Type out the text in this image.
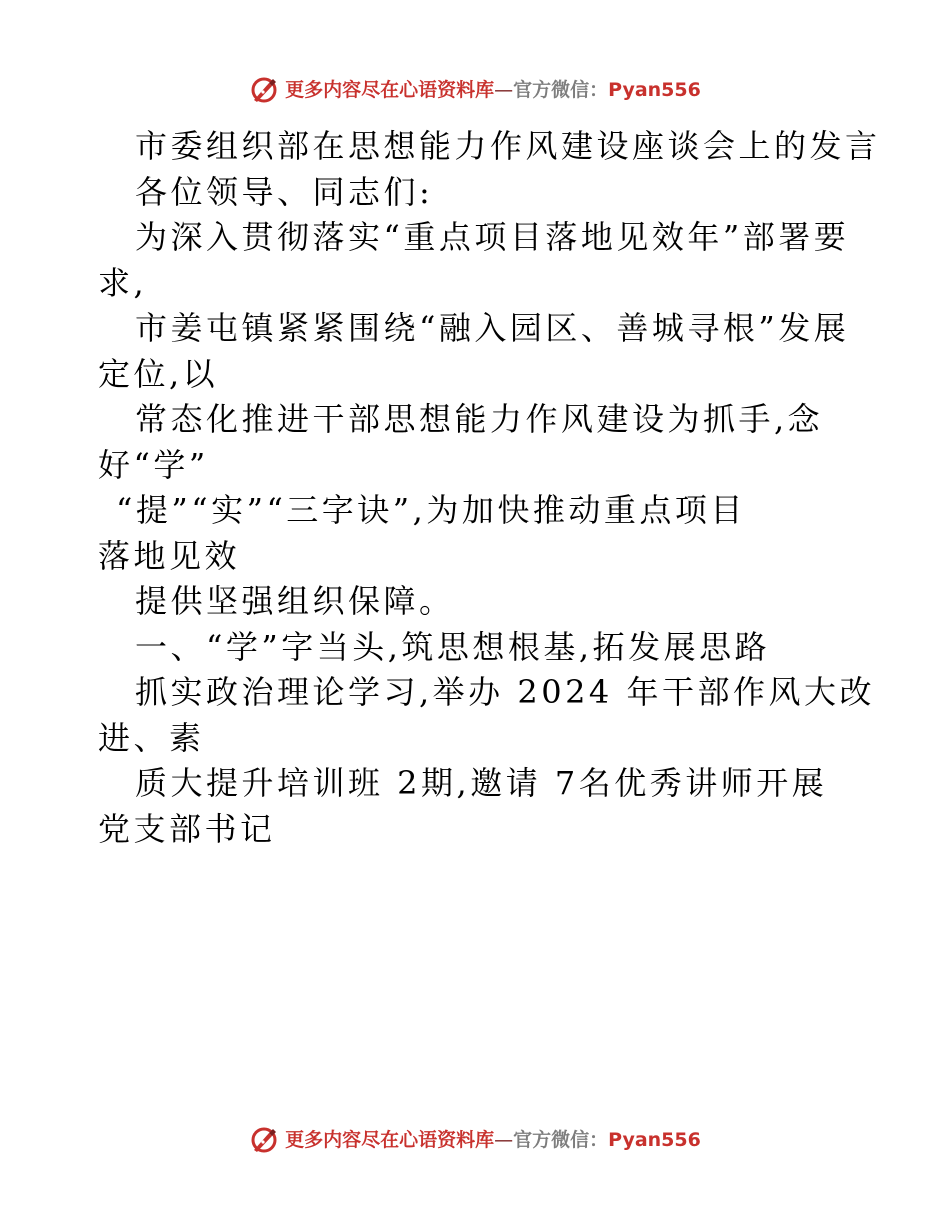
更多内容尽在心语资料库—官方微信：Pyan556
市委组织部在思想能力作风建设座谈会上的发言
各位领导、同志们:
为深入贯彻落实“重点项目落地见效年”部署要
求,
市姜屯镇紧紧围绕“融入园区、善城寻根”发展
定位,以
常态化推进干部思想能力作风建设为抓手,念
好“学”
“提”“实”“三字诀”,为加快推动重点项目
落地见效
提供坚强组织保障。
一、“学”字当头,筑思想根基,拓发展思路
抓实政治理论学习,举办 2024 年干部作风大改
进、素
质大提升培训班 2期,邀请 7名优秀讲师开展
党支部书记
更多内容尽在心语资料库—官方微信：Pyan556
